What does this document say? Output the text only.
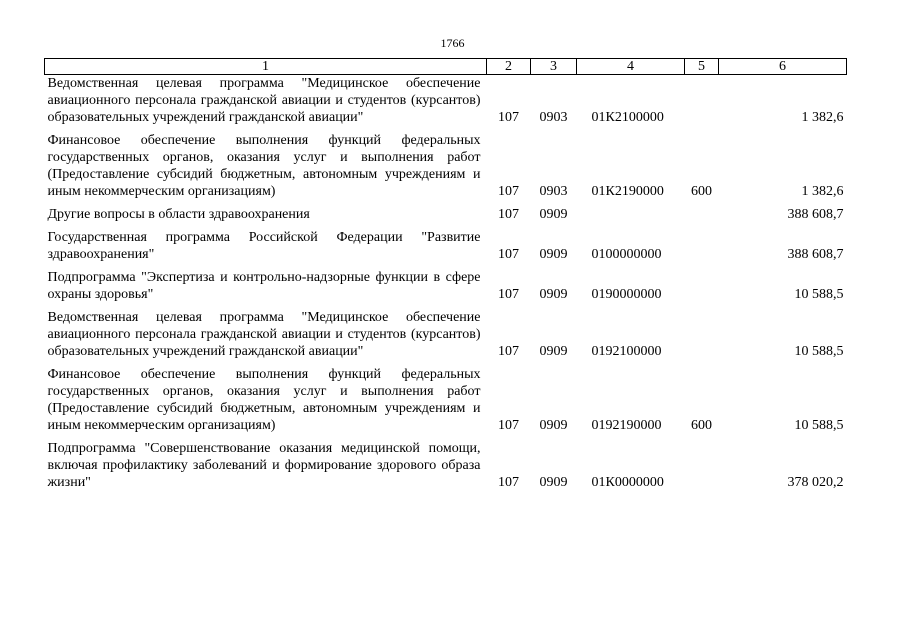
1766
1	2	3	4	5	6
Ведомственная целевая программа "Медицинское обеспечение авиационного персонала гражданской авиации и студентов (курсантов) образовательных учреждений гражданской авиации"	107	0903	01К2100000		1 382,6
Финансовое обеспечение выполнения функций федеральных государственных органов, оказания услуг и выполнения работ (Предоставление субсидий бюджетным, автономным учреждениям и иным некоммерческим организациям)	107	0903	01К2190000	600	1 382,6
Другие вопросы в области здравоохранения	107	0909			388 608,7
Государственная программа Российской Федерации "Развитие здравоохранения"	107	0909	0100000000		388 608,7
Подпрограмма "Экспертиза и контрольно-надзорные функции в сфере охраны здоровья"	107	0909	0190000000		10 588,5
Ведомственная целевая программа "Медицинское обеспечение авиационного персонала гражданской авиации и студентов (курсантов) образовательных учреждений гражданской авиации"	107	0909	0192100000		10 588,5
Финансовое обеспечение выполнения функций федеральных государственных органов, оказания услуг и выполнения работ (Предоставление субсидий бюджетным, автономным учреждениям и иным некоммерческим организациям)	107	0909	0192190000	600	10 588,5
Подпрограмма "Совершенствование оказания медицинской помощи, включая профилактику заболеваний и формирование здорового образа жизни"	107	0909	01К0000000		378 020,2
